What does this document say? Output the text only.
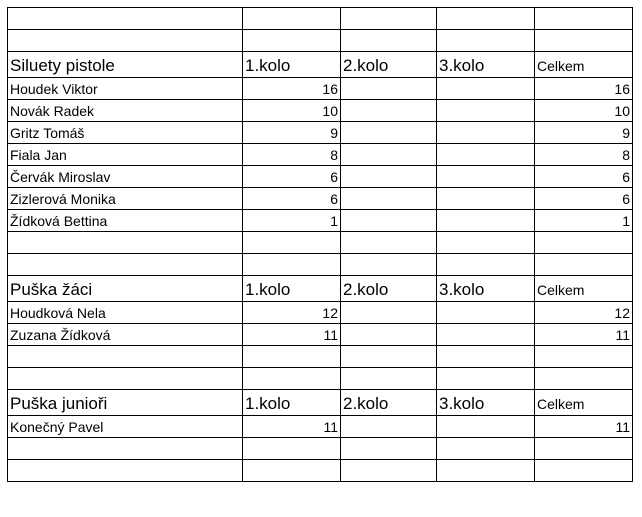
Siluety pistole	1.kolo	2.kolo	3.kolo	Celkem
Houdek Viktor	16			16
Novák Radek	10			10
Gritz Tomáš	9			9
Fiala Jan	8			8
Červák Miroslav	6			6
Zizlerová Monika	6			6
Žídková Bettina	1			1

Puška žáci	1.kolo	2.kolo	3.kolo	Celkem
Houdková Nela	12			12
Zuzana Žídková	11			11

Puška junioři	1.kolo	2.kolo	3.kolo	Celkem
Konečný Pavel	11			11
